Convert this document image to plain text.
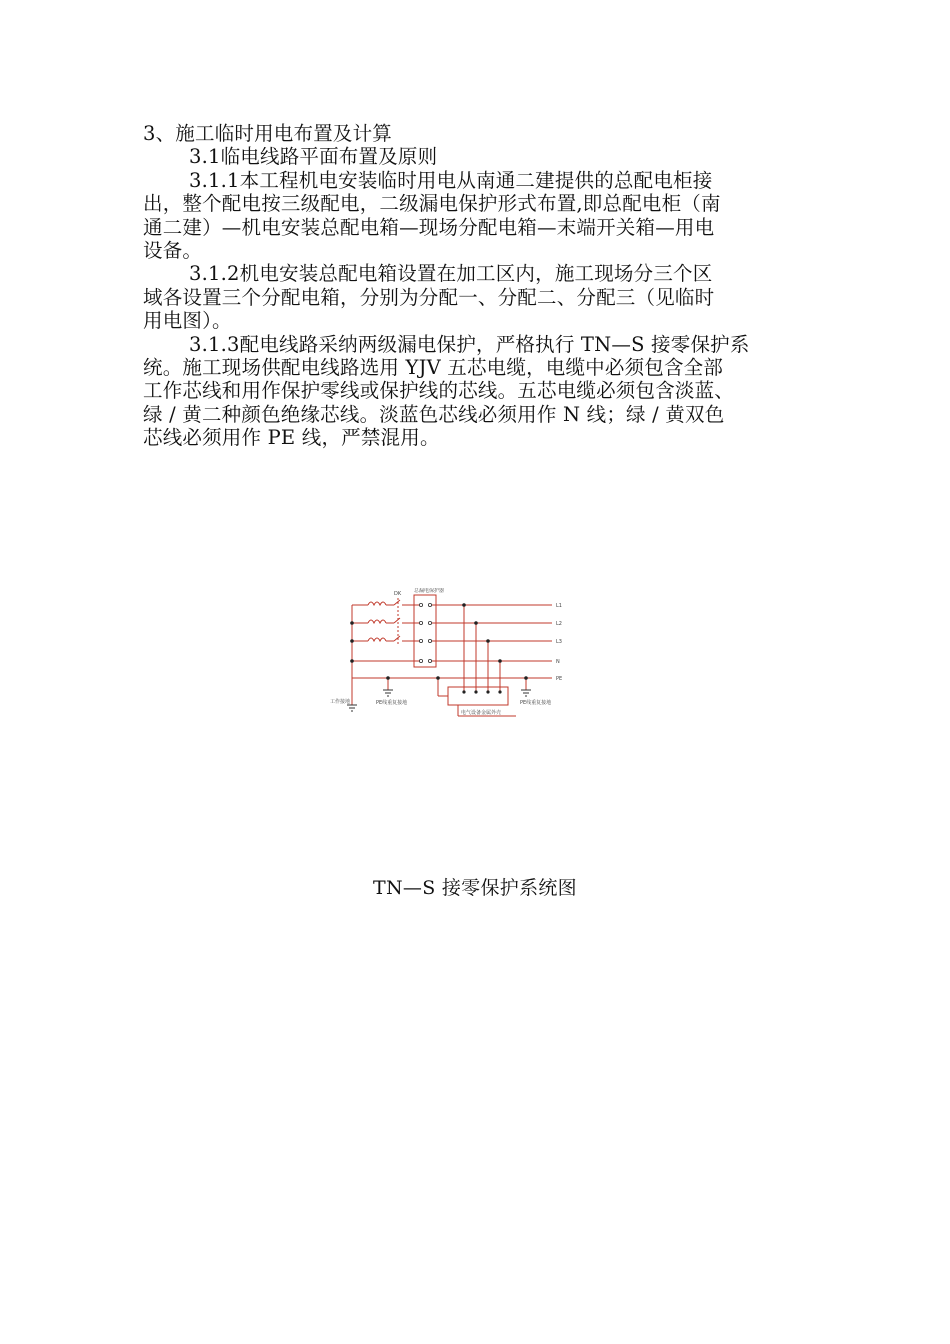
3、施工临时用电布置及计算
3.1临电线路平面布置及原则
3.1.1本工程机电安装临时用电从南通二建提供的总配电柜接
出，整个配电按三级配电，二级漏电保护形式布置,即总配电柜（南
通二建）—机电安装总配电箱—现场分配电箱—末端开关箱—用电
设备。
3.1.2机电安装总配电箱设置在加工区内，施工现场分三个区
域各设置三个分配电箱，分别为分配一、分配二、分配三（见临时
用电图）。
3.1.3配电线路采纳两级漏电保护，严格执行 TN—S 接零保护系
统。施工现场供配电线路选用 YJV 五芯电缆，电缆中必须包含全部
工作芯线和用作保护零线或保护线的芯线。五芯电缆必须包含淡蓝、
绿 / 黄二种颜色绝缘芯线。淡蓝色芯线必须用作 N 线；绿 / 黄双色
芯线必须用作 PE 线，严禁混用。
DK	总漏电保护器
L1
L2
L3
N
PE
工作接地	PE线重复接地	PE线重复接地
电气设备金属外壳
TN—S 接零保护系统图
